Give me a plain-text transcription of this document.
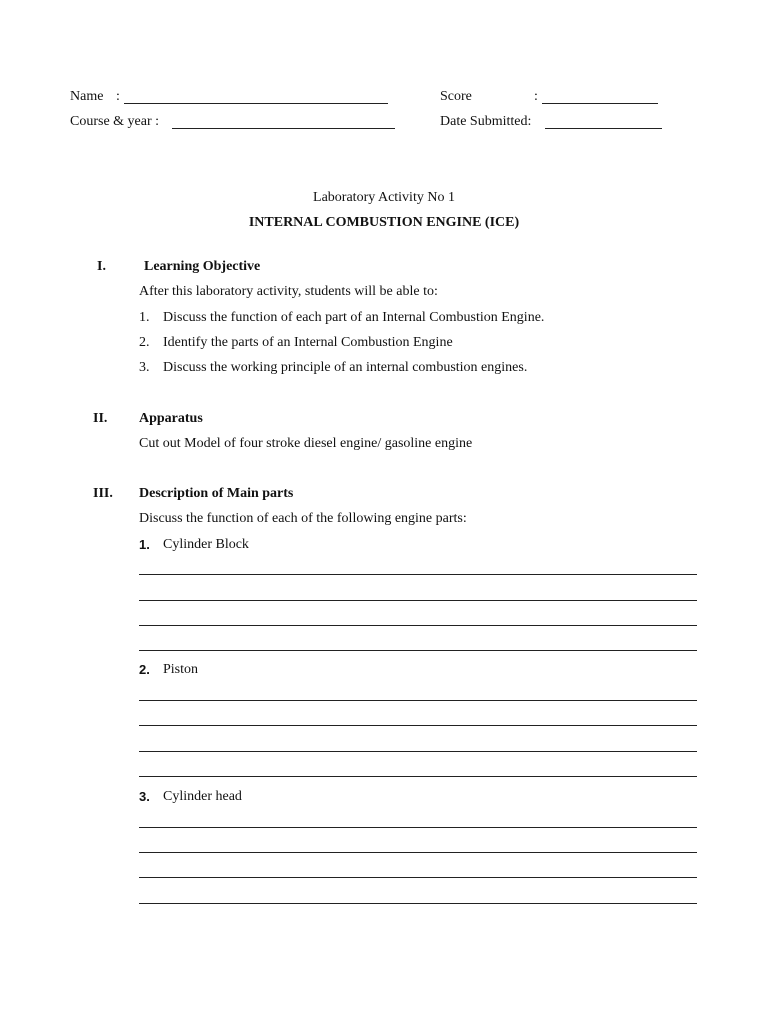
Name :	Score	:
Course & year :	Date Submitted:
Laboratory Activity No 1
INTERNAL COMBUSTION ENGINE (ICE)
I.	Learning Objective
After this laboratory activity, students will be able to:
1. Discuss the function of each part of an Internal Combustion Engine.
2. Identify the parts of an Internal Combustion Engine
3. Discuss the working principle of an internal combustion engines.
II. Apparatus
Cut out Model of four stroke diesel engine/ gasoline engine
III. Description of Main parts
Discuss the function of each of the following engine parts:
1. Cylinder Block
2. Piston
3. Cylinder head
